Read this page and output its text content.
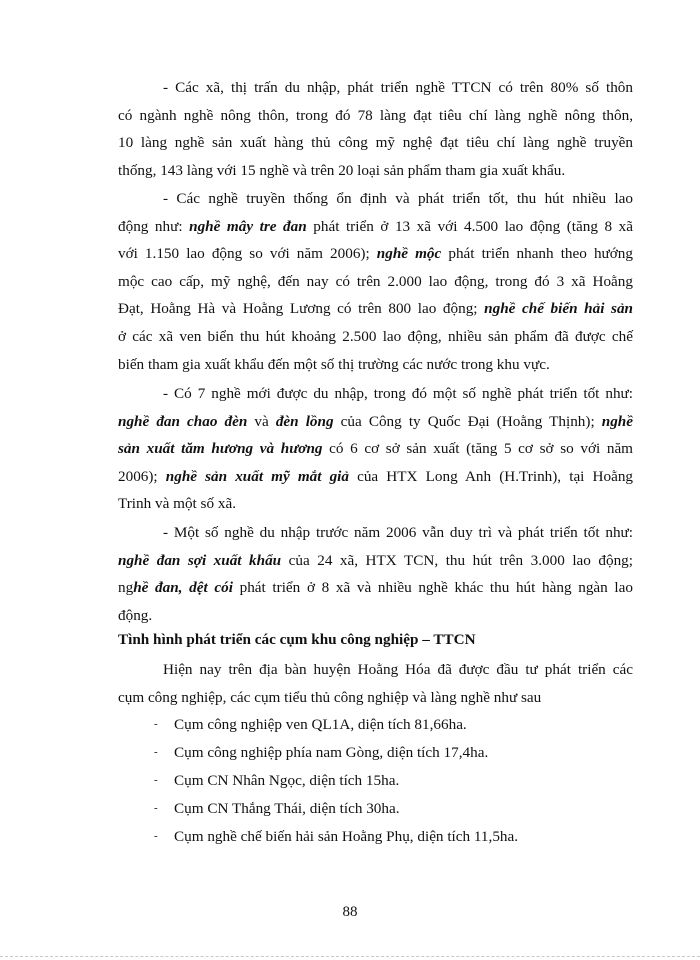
- Các xã, thị trấn du nhập, phát triển nghề TTCN có trên 80% số thôn
có ngành nghề nông thôn, trong đó 78 làng đạt tiêu chí làng nghề nông thôn,
10 làng nghề sản xuất hàng thủ công mỹ nghệ đạt tiêu chí làng nghề truyền
thống, 143 làng với 15 nghề và trên 20 loại sản phẩm tham gia xuất khẩu.
- Các nghề truyền thống ổn định và phát triển tốt, thu hút nhiều lao
động như: nghề mây tre đan phát triển ở 13 xã với 4.500 lao động (tăng 8 xã
với 1.150 lao động so với năm 2006); nghề mộc phát triển nhanh theo hướng
mộc cao cấp, mỹ nghệ, đến nay có trên 2.000 lao động, trong đó 3 xã Hoằng
Đạt, Hoằng Hà và Hoằng Lương có trên 800 lao động; nghề chế biến hải sản
ở các xã ven biển thu hút khoảng 2.500 lao động, nhiều sản phẩm đã được chế
biến tham gia xuất khẩu đến một số thị trường các nước trong khu vực.
- Có 7 nghề mới được du nhập, trong đó một số nghề phát triển tốt như:
nghề đan chao đèn và đèn lồng của Công ty Quốc Đại (Hoằng Thịnh); nghề
sản xuất tăm hương và hương có 6 cơ sở sản xuất (tăng 5 cơ sở so với năm
2006); nghề sản xuất mỹ mắt giả của HTX Long Anh (H.Trinh), tại Hoằng
Trinh và một số xã.
- Một số nghề du nhập trước năm 2006 vẫn duy trì và phát triển tốt như:
nghề đan sợi xuất khẩu của 24 xã, HTX TCN, thu hút trên 3.000 lao động;
nghề đan, dệt cói phát triển ở 8 xã và nhiều nghề khác thu hút hàng ngàn lao
động.

Tình hình phát triển các cụm khu công nghiệp – TTCN

Hiện nay trên địa bàn huyện Hoằng Hóa đã được đầu tư phát triển các
cụm công nghiệp, các cụm tiểu thủ công nghiệp và làng nghề như sau
- Cụm công nghiệp ven QL1A, diện tích 81,66ha.
- Cụm công nghiệp phía nam Gòng, diện tích 17,4ha.
- Cụm CN Nhân Ngọc, diện tích 15ha.
- Cụm CN Thắng Thái, diện tích 30ha.
- Cụm nghề chế biến hải sản Hoằng Phụ, diện tích 11,5ha.
88
